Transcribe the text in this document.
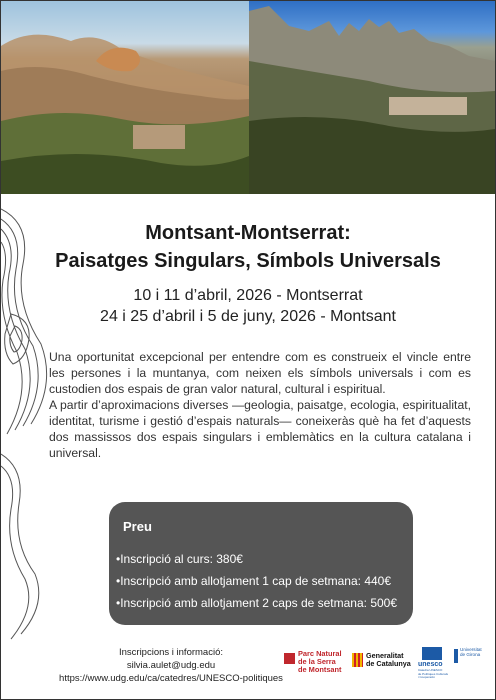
Montsant-Montserrat:
Paisatges Singulars, Símbols Universals
10 i 11 d’abril, 2026 - Montserrat
24 i 25 d’abril i 5 de juny, 2026 - Montsant

Una oportunitat excepcional per entendre com es construeix el vincle entre les persones i la muntanya, com neixen els símbols universals i com es custodien dos espais de gran valor natural, cultural i espiritual.

A partir d’aproximacions diverses —geologia, paisatge, ecologia, espiritualitat, identitat, turisme i gestió d’espais naturals— coneixeràs què ha fet d’aquests dos massissos dos espais singulars i emblemàtics en la cultura catalana i universal.

Preu
•Inscripció al curs: 380€
•Inscripció amb allotjament 1 cap de setmana: 440€
•Inscripció amb allotjament 2 caps de setmana: 500€
Inscripcions i informació:
silvia.aulet@udg.edu
https://www.udg.edu/ca/catedres/UNESCO-politiques
Parc Natural
de la Serra
de Montsant
Generalitat
de Catalunya unesco
Càtedra UNESCO
de Polítiques Culturals
i Cooperació
Universitat
de Girona
